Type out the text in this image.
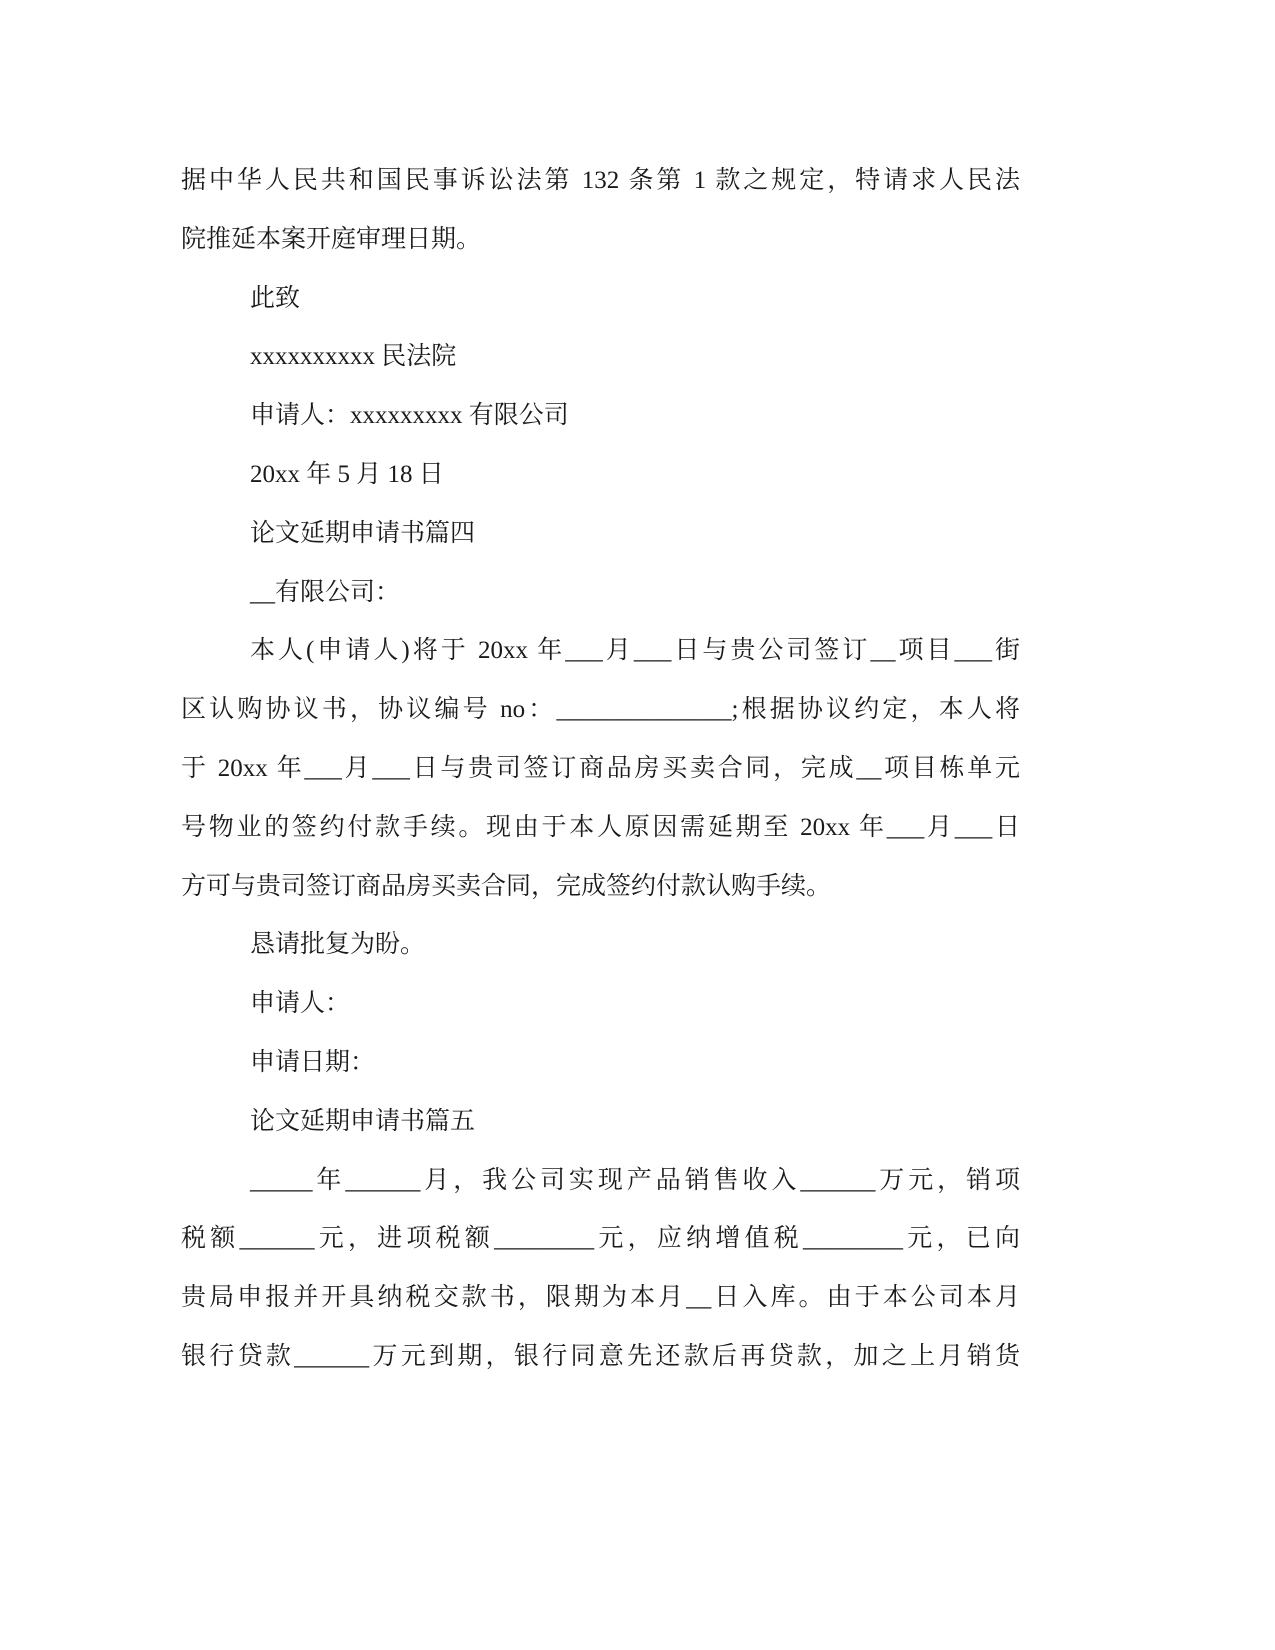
据中华人民共和国民事诉讼法第 132 条第 1 款之规定，特请求人民法
院推延本案开庭审理日期。
此致
xxxxxxxxxx 民法院
申请人：xxxxxxxxx 有限公司
20xx 年 5 月 18 日
论文延期申请书篇四
__有限公司：
本人(申请人)将于 20xx 年___月___日与贵公司签订__项目___街
区认购协议书，协议编号 no：______________;根据协议约定，本人将
于 20xx 年___月___日与贵司签订商品房买卖合同，完成__项目栋单元
号物业的签约付款手续。现由于本人原因需延期至 20xx 年___月___日
方可与贵司签订商品房买卖合同，完成签约付款认购手续。
恳请批复为盼。
申请人：
申请日期：
论文延期申请书篇五
_____年______月，我公司实现产品销售收入______万元，销项
税额______元，进项税额________元，应纳增值税________元，已向
贵局申报并开具纳税交款书，限期为本月__日入库。由于本公司本月
银行贷款______万元到期，银行同意先还款后再贷款，加之上月销货
